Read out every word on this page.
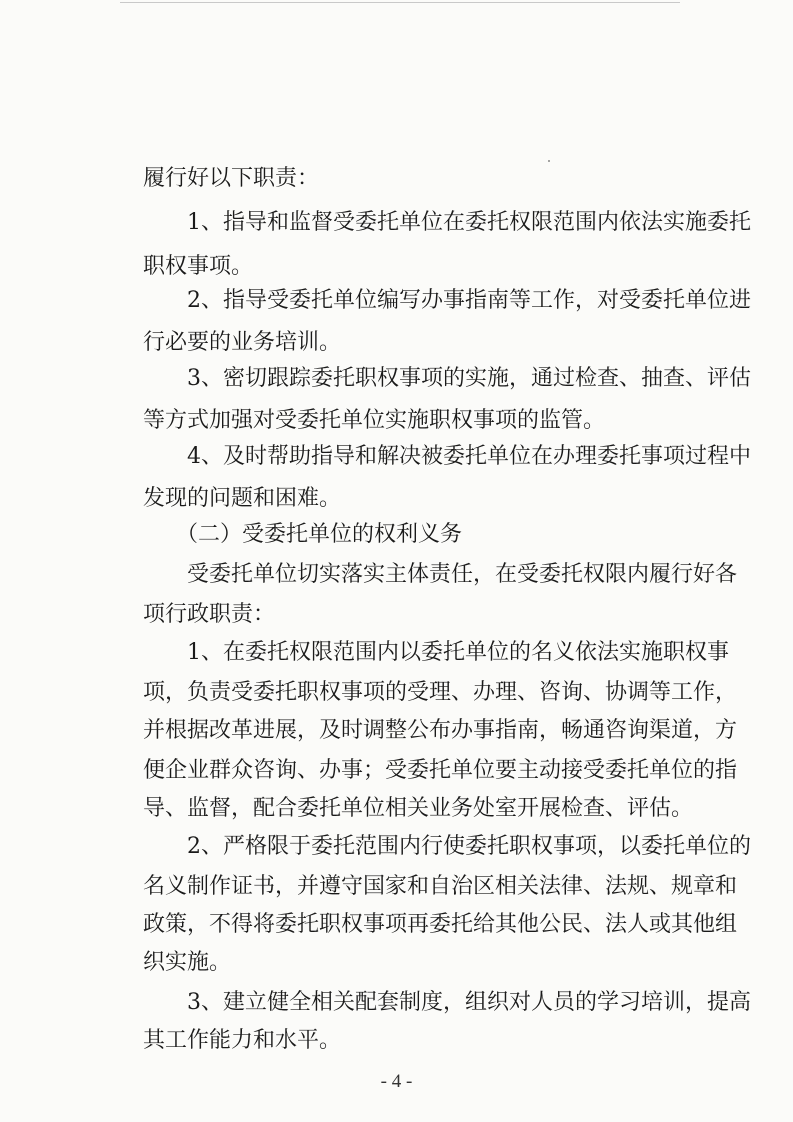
履行好以下职责：
　　1、指导和监督受委托单位在委托权限范围内依法实施委托
职权事项。
　　2、指导受委托单位编写办事指南等工作，对受委托单位进
行必要的业务培训。
　　3、密切跟踪委托职权事项的实施，通过检查、抽查、评估
等方式加强对受委托单位实施职权事项的监管。
　　4、及时帮助指导和解决被委托单位在办理委托事项过程中
发现的问题和困难。
　　（二）受委托单位的权利义务
　　受委托单位切实落实主体责任，在受委托权限内履行好各
项行政职责：
　　1、在委托权限范围内以委托单位的名义依法实施职权事
项，负责受委托职权事项的受理、办理、咨询、协调等工作，
并根据改革进展，及时调整公布办事指南，畅通咨询渠道，方
便企业群众咨询、办事；受委托单位要主动接受委托单位的指
导、监督，配合委托单位相关业务处室开展检查、评估。
　　2、严格限于委托范围内行使委托职权事项，以委托单位的
名义制作证书，并遵守国家和自治区相关法律、法规、规章和
政策，不得将委托职权事项再委托给其他公民、法人或其他组
织实施。
　　3、建立健全相关配套制度，组织对人员的学习培训，提高
其工作能力和水平。
- 4 -
